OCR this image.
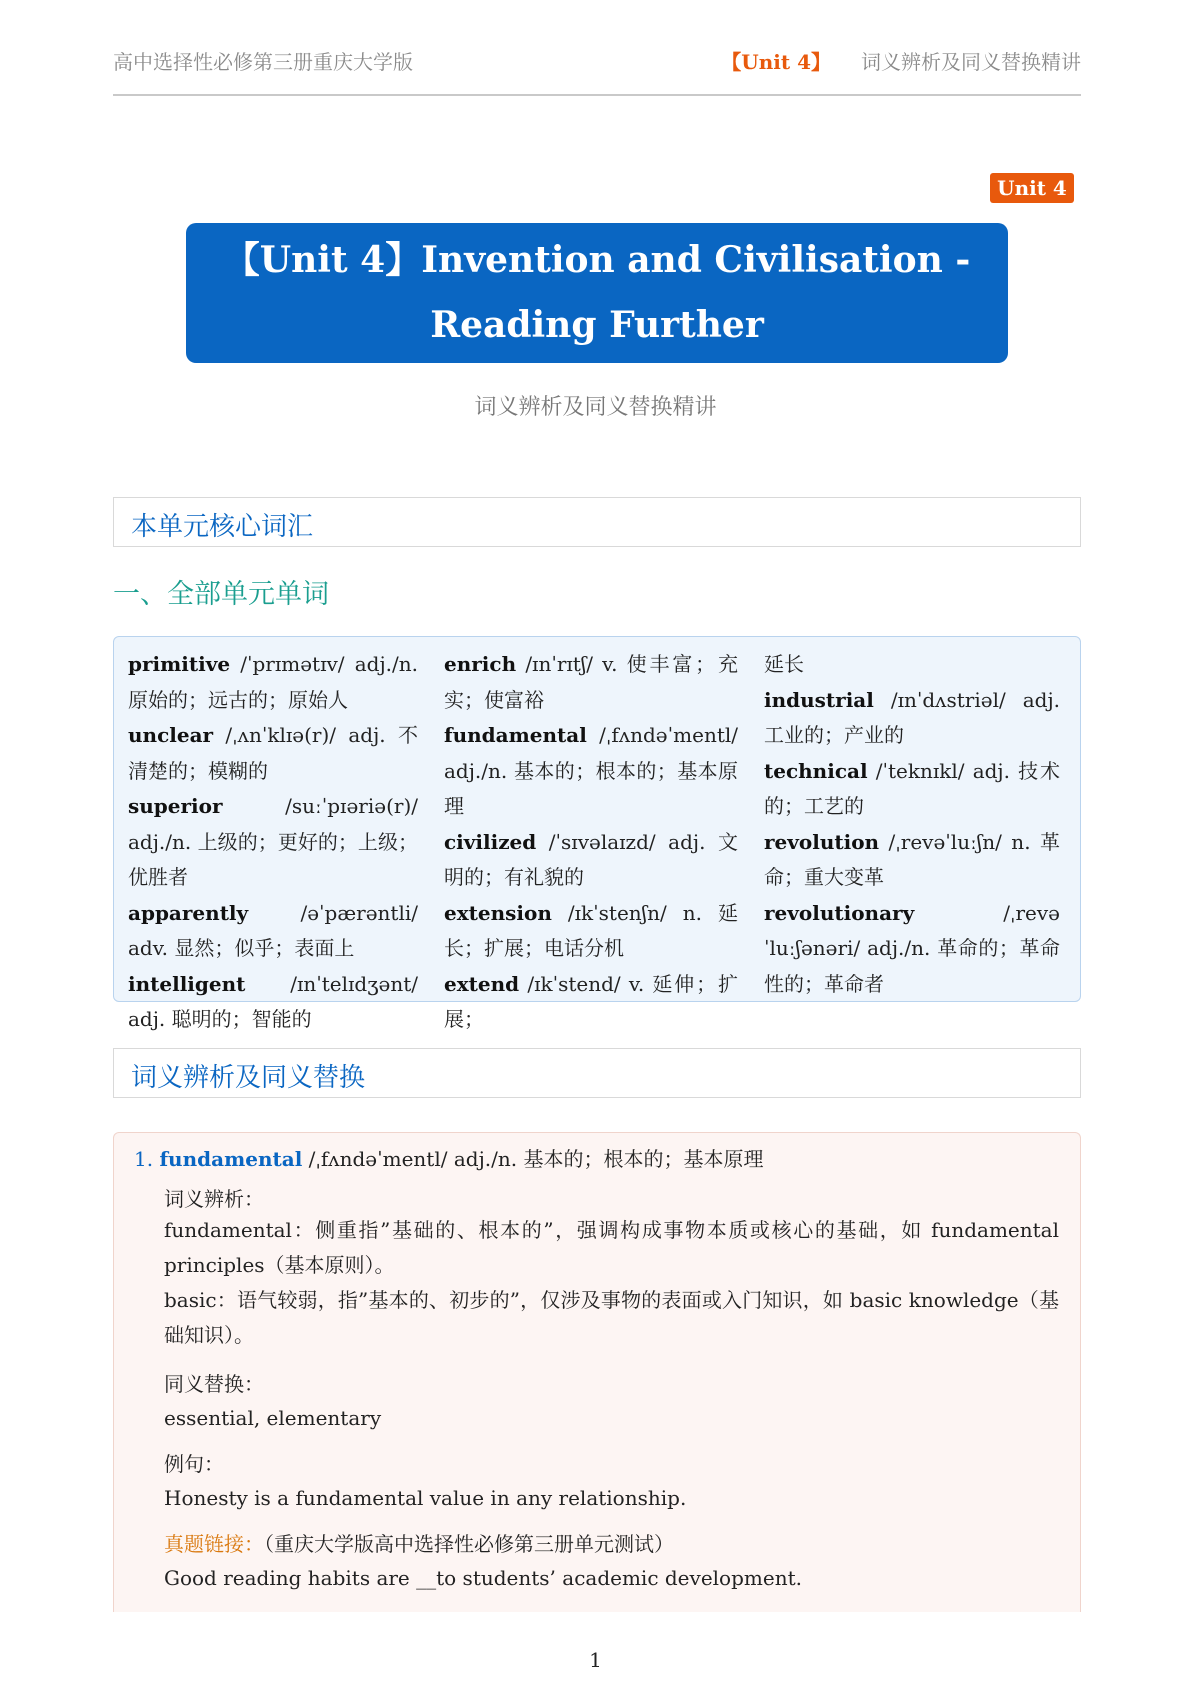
高中选择性必修第三册重庆大学版	【Unit 4】 词义辨析及同义替换精讲
Unit 4
【Unit 4】Invention and Civilisation -
Reading Further
词义辨析及同义替换精讲
本单元核心词汇
一、全部单元单词

primitive /ˈprɪmətɪv/ adj./n. 原始的；远古的；原始人

unclear /ˌʌnˈklɪə(r)/ adj. 不清楚的；模糊的

superior /suːˈpɪəriə(r)/ adj./n. 上级的；更好的；上级；优胜者

apparently /əˈpærəntli/ adv. 显然；似乎；表面上

intelligent /ɪnˈtelɪdʒənt/ adj. 聪明的；智能的

enrich /ɪnˈrɪtʃ/ v. 使丰富；充实；使富裕

fundamental /ˌfʌndəˈmentl/ adj./n. 基本的；根本的；基本原理

civilized /ˈsɪvəlaɪzd/ adj. 文明的；有礼貌的

extension /ɪkˈstenʃn/ n. 延长；扩展；电话分机

extend /ɪkˈstend/ v. 延伸；扩展；

延长

industrial /ɪnˈdʌstriəl/ adj. 工业的；产业的

technical /ˈteknɪkl/ adj. 技术的；工艺的

revolution /ˌrevəˈluːʃn/ n. 革命；重大变革

revolutionary /ˌrevəˈluːʃənəri/ adj./n. 革命的；革命性的；革命者

词义辨析及同义替换
1. fundamental /ˌfʌndəˈmentl/ adj./n. 基本的；根本的；基本原理
词义辨析：
fundamental：侧重指”基础的、根本的”，强调构成事物本质或核心的基础，如 fundamental principles（基本原则）。
basic：语气较弱，指”基本的、初步的”，仅涉及事物的表面或入门知识，如 basic knowledge（基础知识）。
同义替换：
essential, elementary
例句：
Honesty is a fundamental value in any relationship.
真题链接：（重庆大学版高中选择性必修第三册单元测试）
Good reading habits are __to students’ academic development.
1
